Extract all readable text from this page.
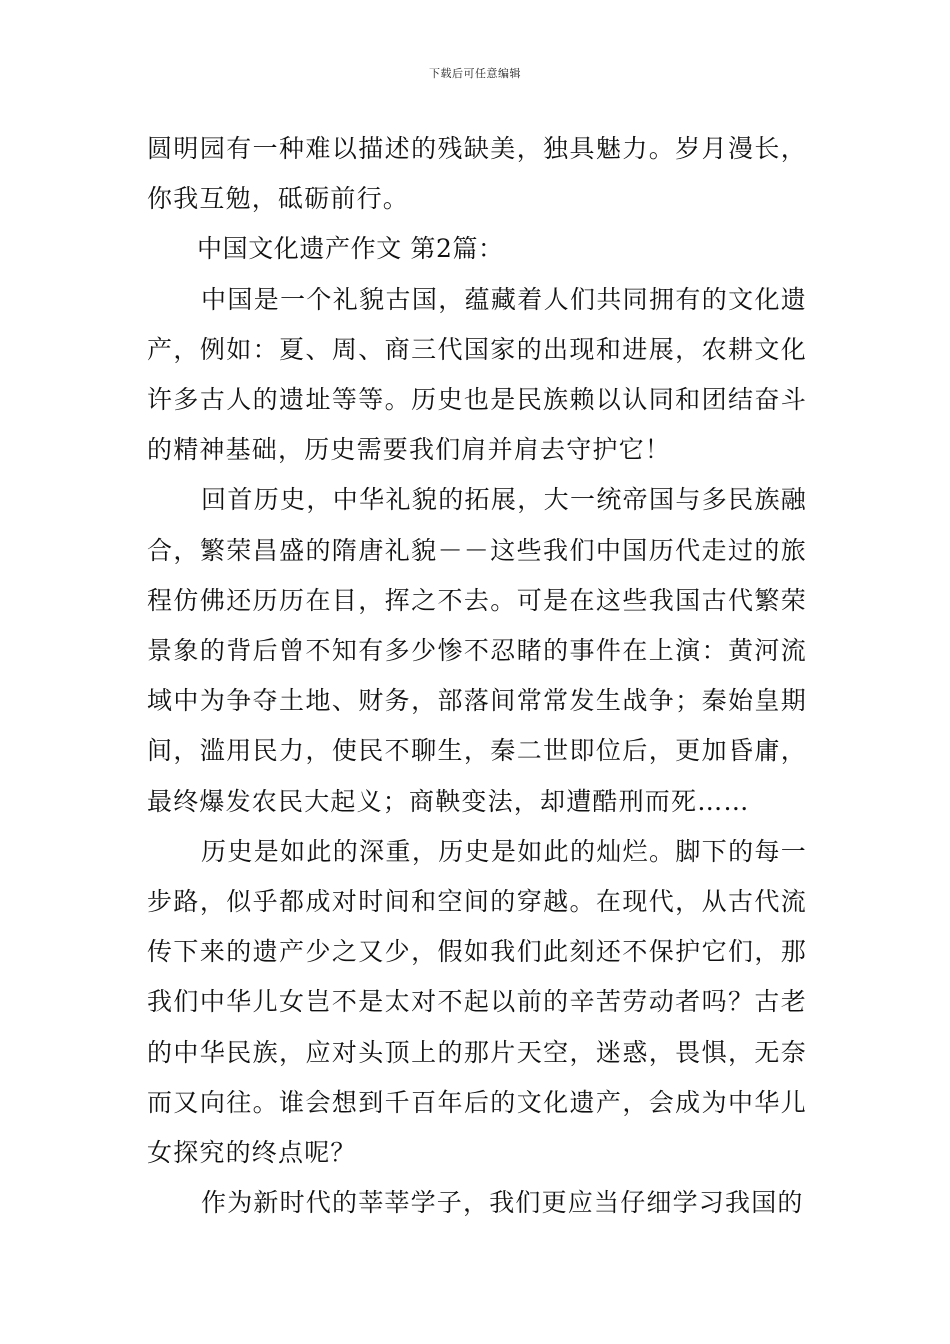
下载后可任意编辑

圆明园有一种难以描述的残缺美，独具魅力。岁月漫长，你我互勉，砥砺前行。

中国文化遗产作文 第2篇：

中国是一个礼貌古国，蕴藏着人们共同拥有的文化遗产，例如：夏、周、商三代国家的出现和进展，农耕文化许多古人的遗址等等。历史也是民族赖以认同和团结奋斗的精神基础，历史需要我们肩并肩去守护它！

回首历史，中华礼貌的拓展，大一统帝国与多民族融合，繁荣昌盛的隋唐礼貌－－这些我们中国历代走过的旅程仿佛还历历在目，挥之不去。可是在这些我国古代繁荣景象的背后曾不知有多少惨不忍睹的事件在上演：黄河流域中为争夺土地、财务，部落间常常发生战争；秦始皇期间，滥用民力，使民不聊生，秦二世即位后，更加昏庸，最终爆发农民大起义；商鞅变法，却遭酷刑而死……

历史是如此的深重，历史是如此的灿烂。脚下的每一步路，似乎都成对时间和空间的穿越。在现代，从古代流传下来的遗产少之又少，假如我们此刻还不保护它们，那我们中华儿女岂不是太对不起以前的辛苦劳动者吗？古老的中华民族，应对头顶上的那片天空，迷惑，畏惧，无奈而又向往。谁会想到千百年后的文化遗产，会成为中华儿女探究的终点呢？

作为新时代的莘莘学子，我们更应当仔细学习我国的
